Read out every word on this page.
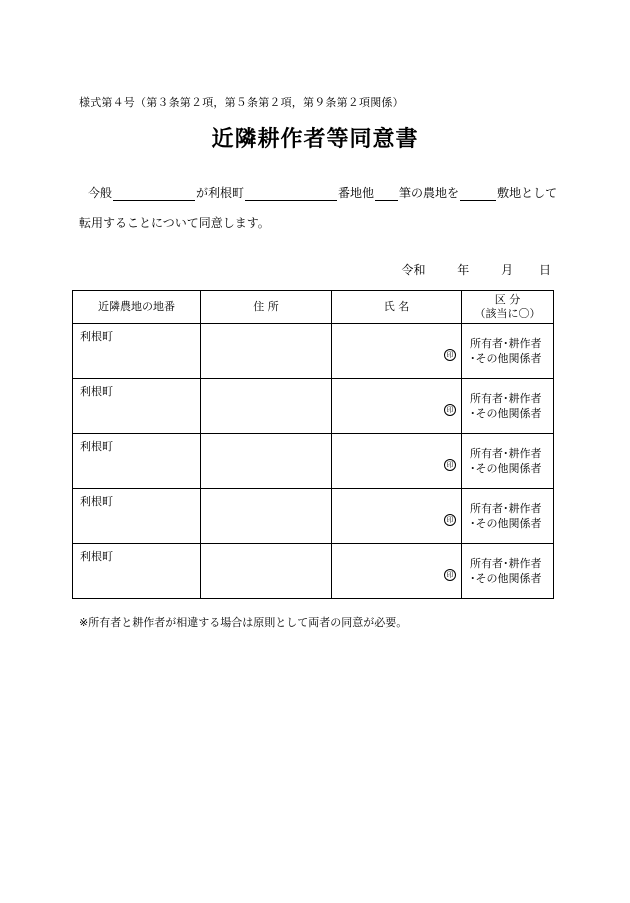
様式第４号（第３条第２項，第５条第２項，第９条第２項関係）
近隣耕作者等同意書
今般	が利根町	番地他 筆の農地を	敷地として
転用することについて同意します。
令和	年	月 日
近隣農地の地番	住 所	氏 名	区 分
（該当に〇）

利根町		印	所有者･耕作者
･その他関係者

利根町		印	所有者･耕作者
･その他関係者

利根町		印	所有者･耕作者
･その他関係者

利根町		印	所有者･耕作者
･その他関係者

利根町		印	所有者･耕作者
･その他関係者
※所有者と耕作者が相違する場合は原則として両者の同意が必要。
